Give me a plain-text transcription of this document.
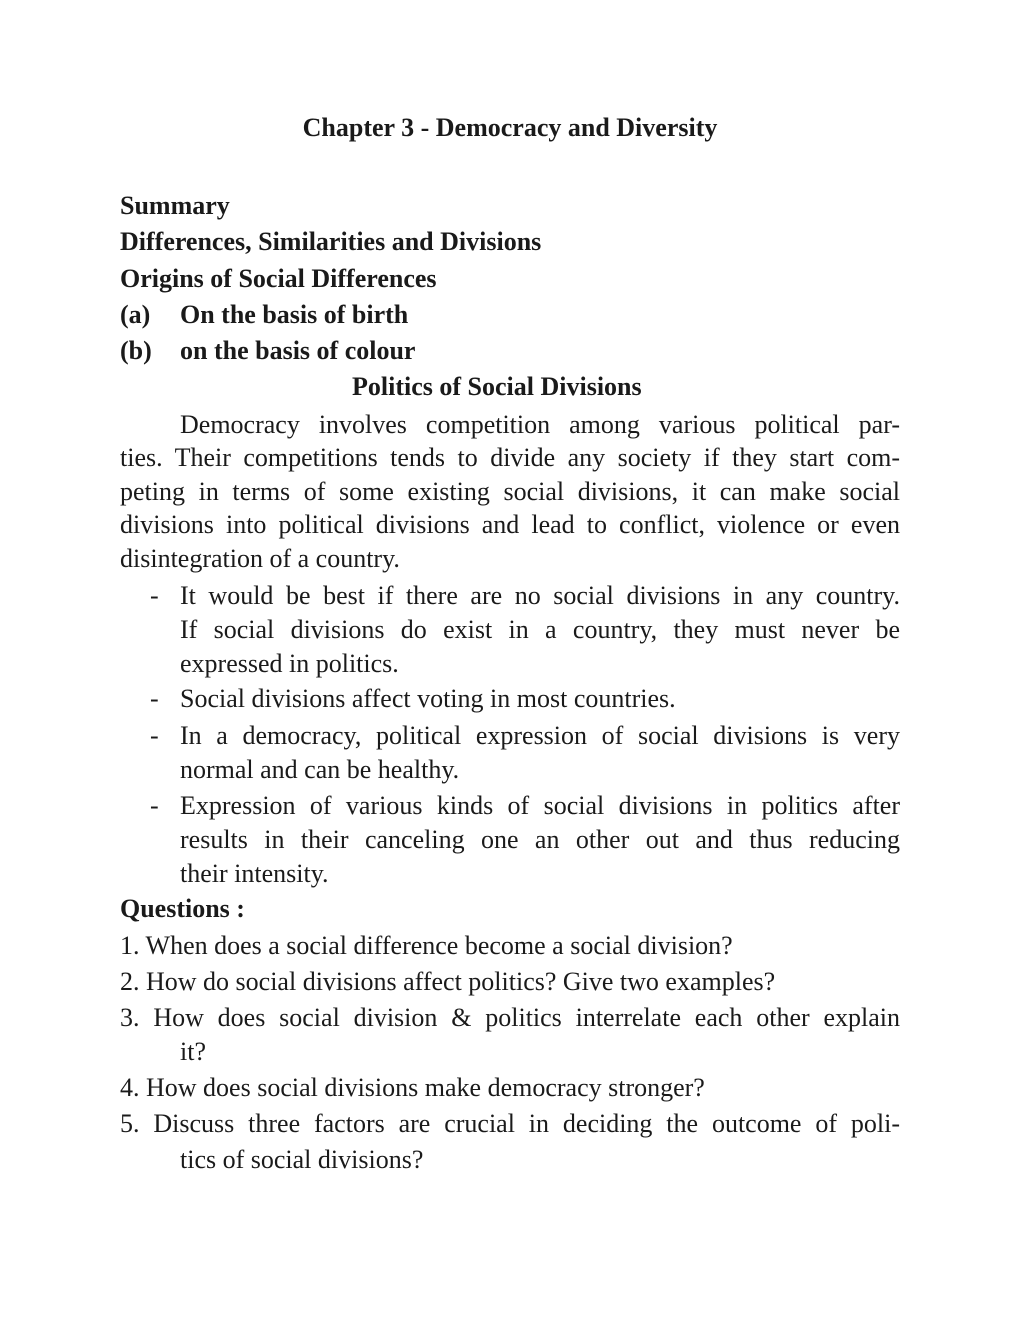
Chapter 3 - Democracy and Diversity
Summary
Differences, Similarities and Divisions
Origins of Social Differences
(a) On the basis of birth
(b) on the basis of colour
Politics of Social Divisions
Democracy involves competition among various political par-
ties. Their competitions tends to divide any society if they start com-
peting in terms of some existing social divisions, it can make social
divisions into political divisions and lead to conflict, violence or even
disintegration of a country.
- It would be best if there are no social divisions in any country.
If social divisions do exist in a country, they must never be
expressed in politics.
- Social divisions affect voting in most countries.
- In a democracy, political expression of social divisions is very
normal and can be healthy.
- Expression of various kinds of social divisions in politics after
results in their canceling one an other out and thus reducing
their intensity.
Questions :
1. When does a social difference become a social division?
2. How do social divisions affect politics? Give two examples?
3. How does social division & politics interrelate each other explain
it?
4. How does social divisions make democracy stronger?
5. Discuss three factors are crucial in deciding the outcome of poli-
tics of social divisions?
